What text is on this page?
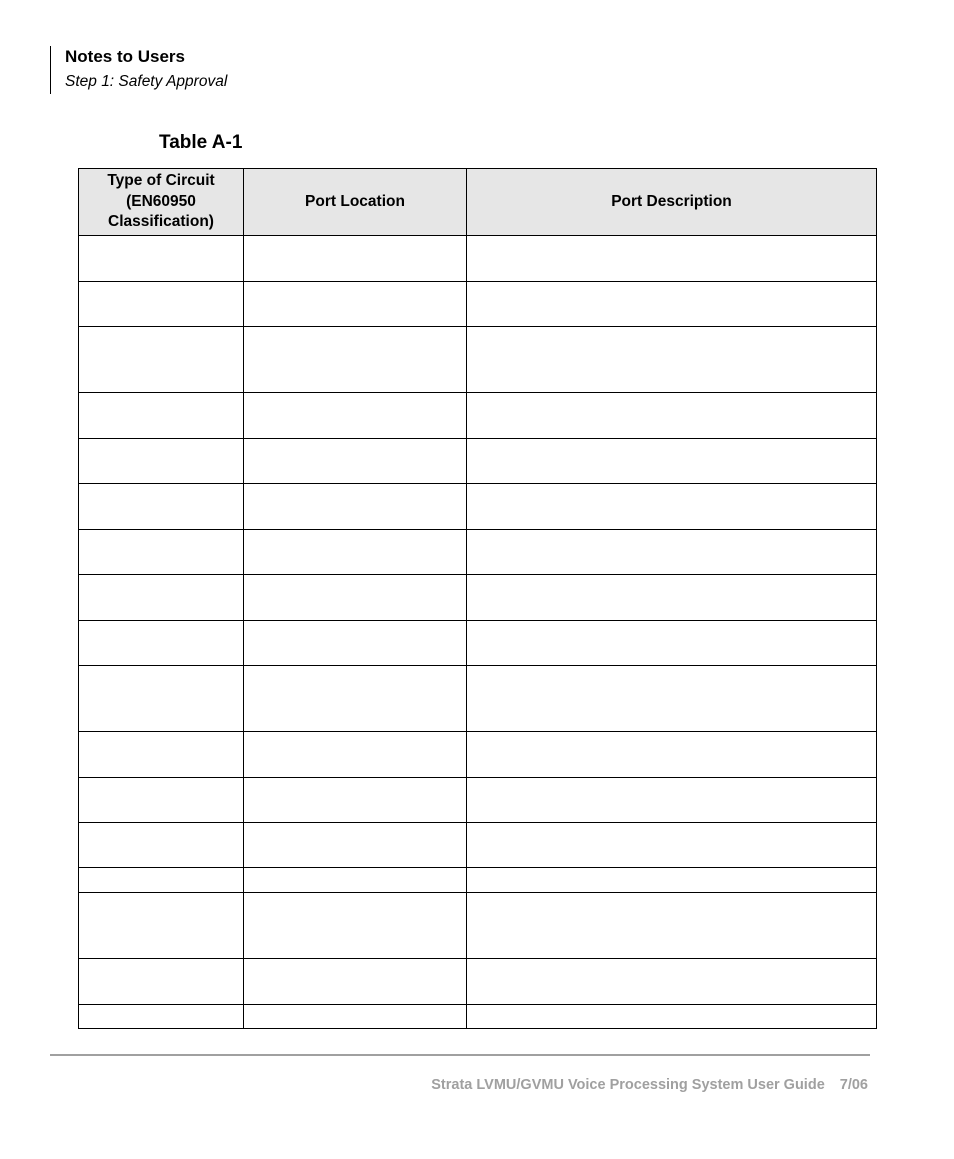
Notes to Users
Step 1: Safety Approval
Table A-1
Type of Circuit (EN60950 Classification)	Port Location	Port Description

Strata LVMU/GVMU Voice Processing System User Guide 7/06
